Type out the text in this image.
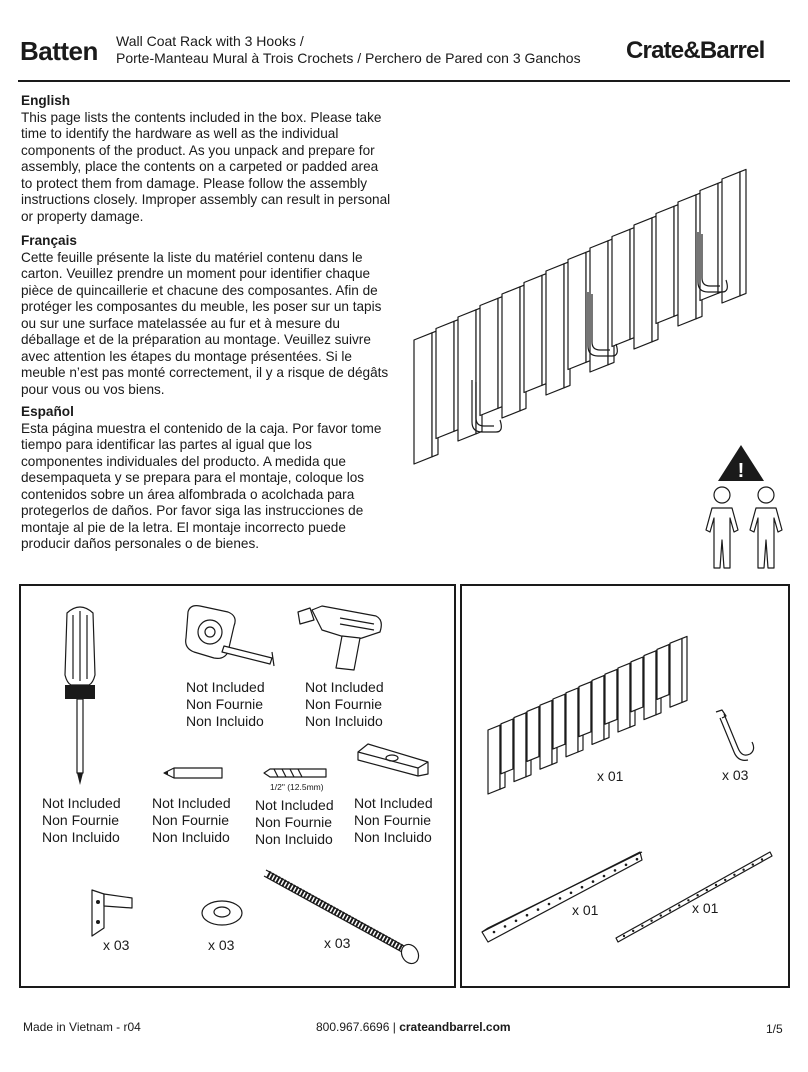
Batten Wall Coat Rack with 3 Hooks /
Porte-Manteau Mural à Trois Crochets / Perchero de Pared con 3 Ganchos Crate&Barrel
English

This page lists the contents included in the box. Please take time to identify the hardware as well as the individual components of the product. As you unpack and prepare for assembly, place the contents on a carpeted or padded area to protect them from damage. Please follow the assembly instructions closely. Improper assembly can result in personal or property damage.

Français

Cette feuille présente la liste du matériel contenu dans le carton. Veuillez prendre un moment pour identifier chaque pièce de quincaillerie et chacune des composantes. Afin de protéger les composantes du meuble, les poser sur un tapis ou sur une surface matelassée au fur et à mesure du déballage et de la préparation au montage. Veuillez suivre avec attention les étapes du montage présentées. Si le meuble n’est pas monté correctement, il y a risque de dégâts pour vous ou vos biens.

Español

Esta página muestra el contenido de la caja. Por favor tome tiempo para identificar las partes al igual que los componentes individuales del producto. A medida que desempaqueta y se prepara para el montaje, coloque los contenidos sobre un área alfombrada o acolchada para protegerlos de daños. Por favor siga las instrucciones de montaje al pie de la letra. El montaje incorrecto puede producir daños personales o de bienes.

!
Not Included
Non Fournie
Non Incluido
Not Included
Non Fournie
Non Incluido
Not Included
Non Fournie
Non Incluido
Not Included
Non Fournie
Non Incluido
1/2" (12.5mm)
Not Included
Non Fournie
Non Incluido
Not Included
Non Fournie
Non Incluido
x 03	x 03	x 03
x 01	x 03
x 01	x 01
Made in Vietnam - r04	800.967.6696 | crateandbarrel.com	1/5
